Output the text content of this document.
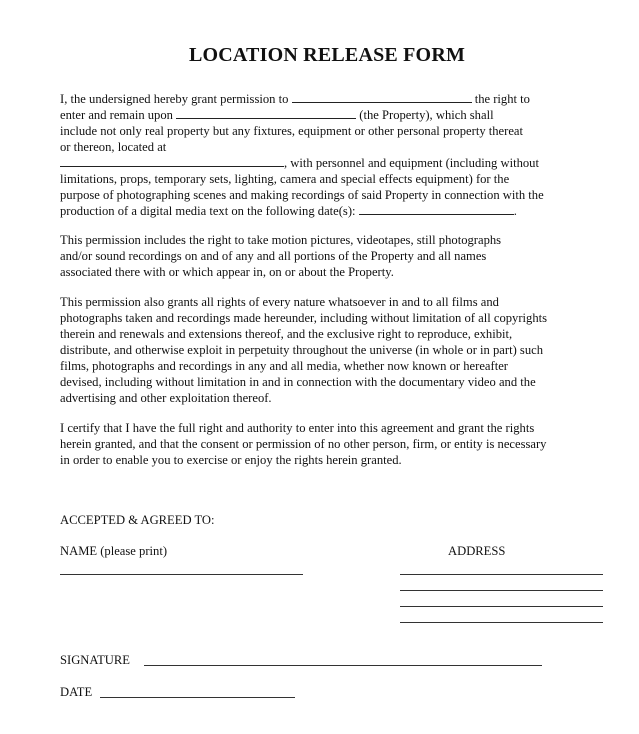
LOCATION RELEASE FORM
I, the undersigned hereby grant permission to	the right to
enter and remain upon	(the Property), which shall
include not only real property but any fixtures, equipment or other personal property thereat
or thereon, located at
, with personnel and equipment (including without
limitations, props, temporary sets, lighting, camera and special effects equipment) for the
purpose of photographing scenes and making recordings of said Property in connection with the
production of a digital media text on the following date(s):	.
This permission includes the right to take motion pictures, videotapes, still photographs
and/or sound recordings on and of any and all portions of the Property and all names
associated there with or which appear in, on or about the Property.
This permission also grants all rights of every nature whatsoever in and to all films and
photographs taken and recordings made hereunder, including without limitation of all copyrights
therein and renewals and extensions thereof, and the exclusive right to reproduce, exhibit,
distribute, and otherwise exploit in perpetuity throughout the universe (in whole or in part) such
films, photographs and recordings in any and all media, whether now known or hereafter
devised, including without limitation in and in connection with the documentary video and the
advertising and other exploitation thereof.
I certify that I have the full right and authority to enter into this agreement and grant the rights
herein granted, and that the consent or permission of no other person, firm, or entity is necessary
in order to enable you to exercise or enjoy the rights herein granted.
ACCEPTED & AGREED TO:
NAME (please print)	ADDRESS
SIGNATURE
DATE
